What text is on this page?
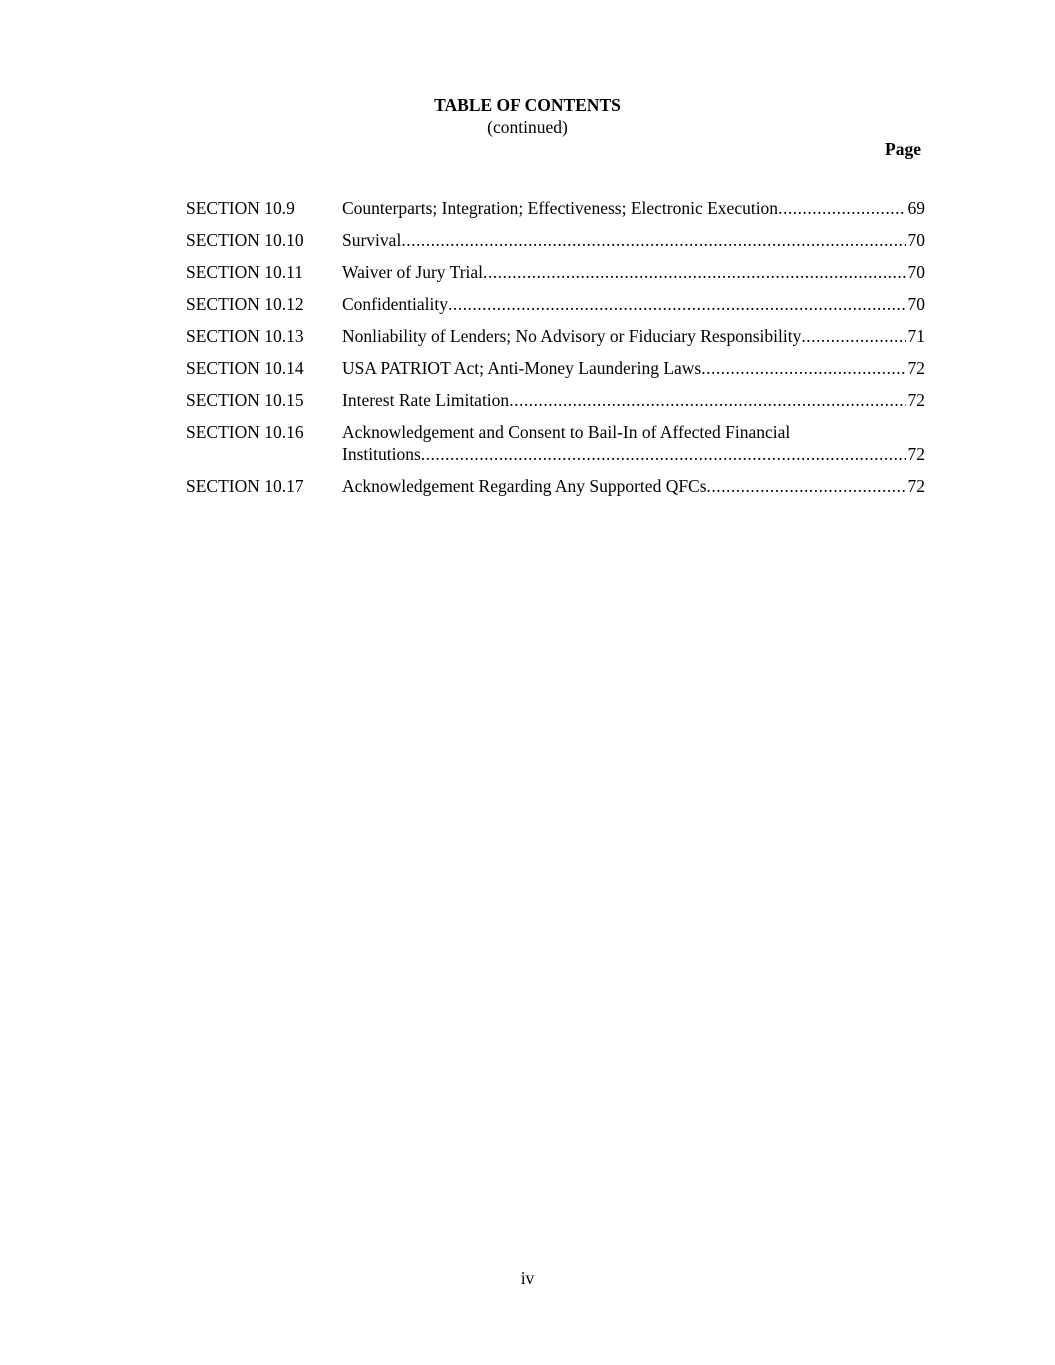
TABLE OF CONTENTS
(continued)
Page
SECTION 10.9	Counterparts; Integration; Effectiveness; Electronic Execution .....	69
SECTION 10.10	Survival .....	70
SECTION 10.11	Waiver of Jury Trial .....	70
SECTION 10.12	Confidentiality .....	70
SECTION 10.13	Nonliability of Lenders; No Advisory or Fiduciary Responsibility .....	71
SECTION 10.14	USA PATRIOT Act; Anti-Money Laundering Laws .....	72
SECTION 10.15	Interest Rate Limitation .....	72
SECTION 10.16	Acknowledgement and Consent to Bail-In of Affected Financial
Institutions .....	72
SECTION 10.17	Acknowledgement Regarding Any Supported QFCs .....	72
iv
